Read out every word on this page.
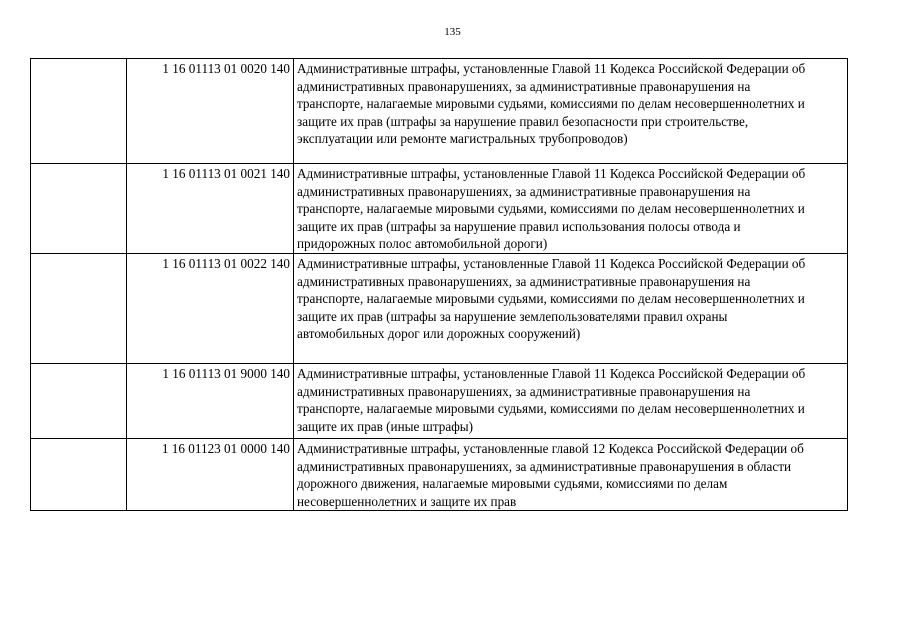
135
	1 16 01113 01 0020 140	Административные штрафы, установленные Главой 11 Кодекса Российской Федерации об
административных правонарушениях, за административные правонарушения на
транспорте, налагаемые мировыми судьями, комиссиями по делам несовершеннолетних и
защите их прав (штрафы за нарушение правил безопасности при строительстве,
эксплуатации или ремонте магистральных трубопроводов)

	1 16 01113 01 0021 140	Административные штрафы, установленные Главой 11 Кодекса Российской Федерации об
административных правонарушениях, за административные правонарушения на
транспорте, налагаемые мировыми судьями, комиссиями по делам несовершеннолетних и
защите их прав (штрафы за нарушение правил использования полосы отвода и
придорожных полос автомобильной дороги)

	1 16 01113 01 0022 140	Административные штрафы, установленные Главой 11 Кодекса Российской Федерации об
административных правонарушениях, за административные правонарушения на
транспорте, налагаемые мировыми судьями, комиссиями по делам несовершеннолетних и
защите их прав (штрафы за нарушение землепользователями правил охраны
автомобильных дорог или дорожных сооружений)

	1 16 01113 01 9000 140	Административные штрафы, установленные Главой 11 Кодекса Российской Федерации об
административных правонарушениях, за административные правонарушения на
транспорте, налагаемые мировыми судьями, комиссиями по делам несовершеннолетних и
защите их прав (иные штрафы)

	1 16 01123 01 0000 140	Административные штрафы, установленные главой 12 Кодекса Российской Федерации об
административных правонарушениях, за административные правонарушения в области
дорожного движения, налагаемые мировыми судьями, комиссиями по делам
несовершеннолетних и защите их прав
